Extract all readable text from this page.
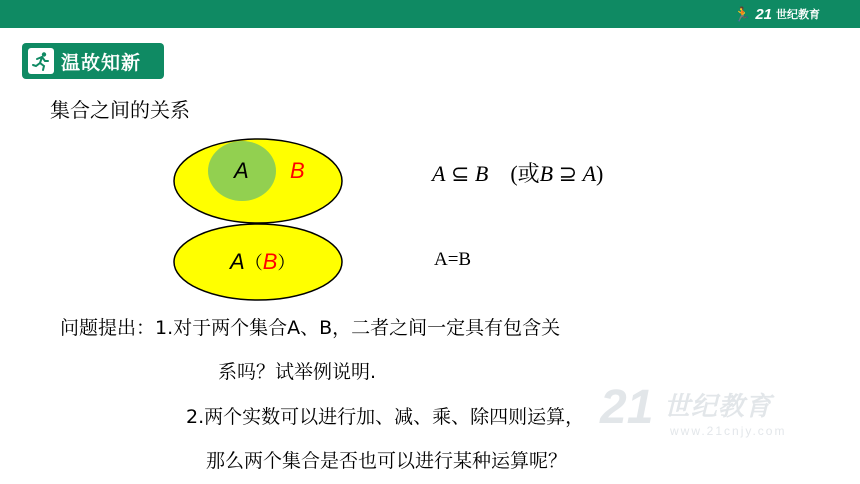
🏃 21 世纪教育
温故知新
集合之间的关系
A B	A ⊆ B (或B ⊇ A)
A（B）	A=B
问题提出：1.对于两个集合A、B，二者之间一定具有包含关
系吗？试举例说明.
2.两个实数可以进行加、减、乘、除四则运算，
那么两个集合是否也可以进行某种运算呢？
21 世纪教育
www.21cnjy.com
